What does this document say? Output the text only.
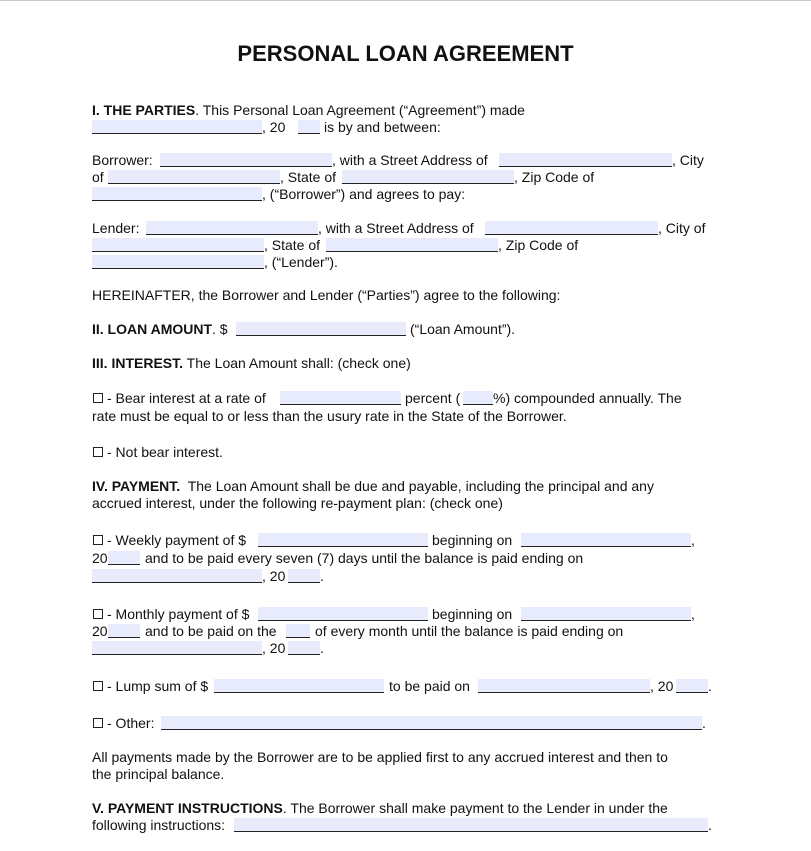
PERSONAL LOAN AGREEMENT
I. THE PARTIES. This Personal Loan Agreement (“Agreement”) made
, 20	is by and between:
Borrower:	, with a Street Address of	, City
of	, State of	, Zip Code of
, (“Borrower”) and agrees to pay:
Lender:	, with a Street Address of	, City of
, State of	, Zip Code of
, (“Lender”).
HEREINAFTER, the Borrower and Lender (“Parties”) agree to the following:
II. LOAN AMOUNT. $	(“Loan Amount”).
III. INTEREST. The Loan Amount shall: (check one)
- Bear interest at a rate of	percent ( %) compounded annually. The
rate must be equal to or less than the usury rate in the State of the Borrower.
- Not bear interest.
IV. PAYMENT.  The Loan Amount shall be due and payable, including the principal and any
accrued interest, under the following re-payment plan: (check one)
- Weekly payment of $	beginning on	,
20	and to be paid every seven (7) days until the balance is paid ending on
, 20 .
- Monthly payment of $	beginning on	,
20	and to be paid on the	of every month until the balance is paid ending on
, 20 .
- Lump sum of $	to be paid on	, 20 .
- Other:	.
All payments made by the Borrower are to be applied first to any accrued interest and then to
the principal balance.
V. PAYMENT INSTRUCTIONS. The Borrower shall make payment to the Lender in under the
following instructions:	.
